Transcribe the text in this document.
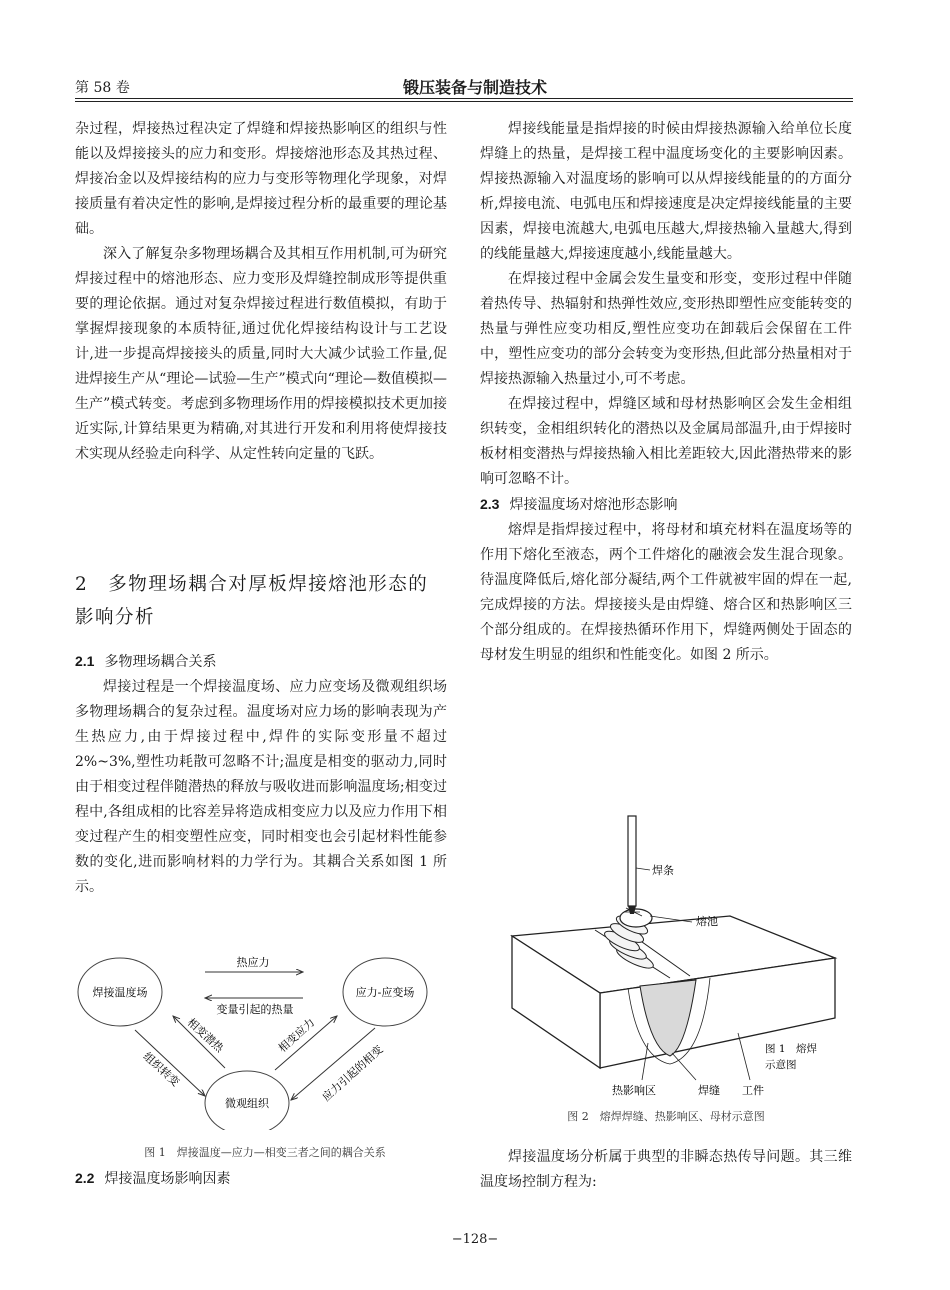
第 58 卷	锻压装备与制造技术

杂过程，焊接热过程决定了焊缝和焊接热影响区的组织与性能以及焊接接头的应力和变形。焊接熔池形态及其热过程、焊接冶金以及焊接结构的应力与变形等物理化学现象，对焊接质量有着决定性的影响,是焊接过程分析的最重要的理论基础。

深入了解复杂多物理场耦合及其相互作用机制,可为研究焊接过程中的熔池形态、应力变形及焊缝控制成形等提供重要的理论依据。通过对复杂焊接过程进行数值模拟，有助于掌握焊接现象的本质特征,通过优化焊接结构设计与工艺设计,进一步提高焊接接头的质量,同时大大减少试验工作量,促进焊接生产从“理论—试验—生产”模式向“理论—数值模拟—生产”模式转变。考虑到多物理场作用的焊接模拟技术更加接近实际,计算结果更为精确,对其进行开发和利用将使焊接技术实现从经验走向科学、从定性转向定量的飞跃。

2　多物理场耦合对厚板焊接熔池形态的影响分析
2.1 多物理场耦合关系

焊接过程是一个焊接温度场、应力应变场及微观组织场多物理场耦合的复杂过程。温度场对应力场的影响表现为产生热应力,由于焊接过程中,焊件的实际变形量不超过 2%~3%,塑性功耗散可忽略不计;温度是相变的驱动力,同时由于相变过程伴随潜热的释放与吸收进而影响温度场;相变过程中,各组成相的比容差异将造成相变应力以及应力作用下相变过程产生的相变塑性应变，同时相变也会引起材料性能参数的变化,进而影响材料的力学行为。其耦合关系如图 1 所示。

焊接温度场	应力-应变场
微观组织
热应力
变量引起的热量
相变潜热
组织转变
相变应力
应力引起的相变
图 1　焊接温度—应力—相变三者之间的耦合关系
2.2 焊接温度场影响因素

焊接线能量是指焊接的时候由焊接热源输入给单位长度焊缝上的热量，是焊接工程中温度场变化的主要影响因素。焊接热源输入对温度场的影响可以从焊接线能量的的方面分析,焊接电流、电弧电压和焊接速度是决定焊接线能量的主要因素，焊接电流越大,电弧电压越大,焊接热输入量越大,得到的线能量越大,焊接速度越小,线能量越大。

在焊接过程中金属会发生量变和形变，变形过程中伴随着热传导、热辐射和热弹性效应,变形热即塑性应变能转变的热量与弹性应变功相反,塑性应变功在卸载后会保留在工件中，塑性应变功的部分会转变为变形热,但此部分热量相对于焊接热源输入热量过小,可不考虑。

在焊接过程中，焊缝区域和母材热影响区会发生金相组织转变，金相组织转化的潜热以及金属局部温升,由于焊接时板材相变潜热与焊接热输入相比差距较大,因此潜热带来的影响可忽略不计。

2.3 焊接温度场对熔池形态影响

熔焊是指焊接过程中，将母材和填充材料在温度场等的作用下熔化至液态，两个工件熔化的融液会发生混合现象。待温度降低后,熔化部分凝结,两个工件就被牢固的焊在一起,完成焊接的方法。焊接接头是由焊缝、熔合区和热影响区三个部分组成的。在焊接热循环作用下，焊缝两侧处于固态的母材发生明显的组织和性能变化。如图 2 所示。

焊条
熔池
图 1　熔焊
示意图
热影响区	焊缝 工件
图 2　熔焊焊缝、热影响区、母材示意图

焊接温度场分析属于典型的非瞬态热传导问题。其三维温度场控制方程为:

−128−
